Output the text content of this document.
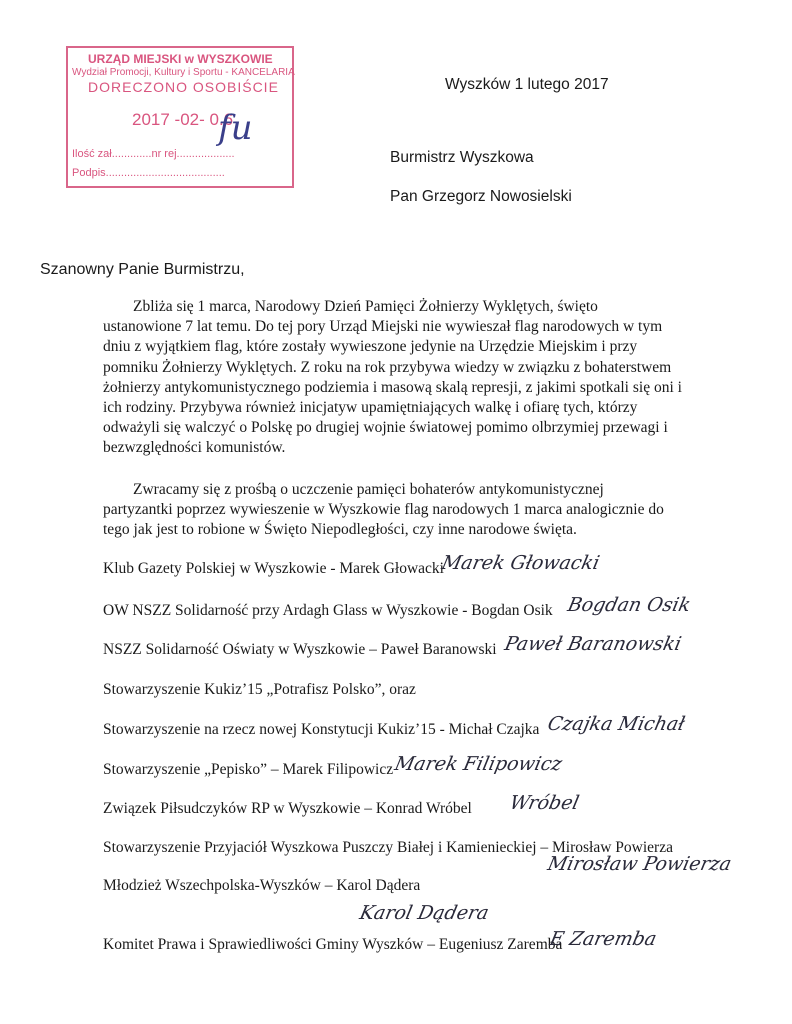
URZĄD MIEJSKI w WYSZKOWIE
Wydział Promocji, Kultury i Sportu - KANCELARIA
DORECZONO OSOBIŚCIE
2017 -02- 0.6
Ilość zał.............nr rej...................
Podpis.......................................
fu
Wyszków 1 lutego 2017
Burmistrz Wyszkowa
Pan Grzegorz Nowosielski
Szanowny Panie Burmistrzu,
Zbliża się 1 marca, Narodowy Dzień Pamięci Żołnierzy Wyklętych, święto
ustanowione 7 lat temu. Do tej pory Urząd Miejski nie wywieszał flag narodowych w tym
dniu z wyjątkiem flag, które zostały wywieszone jedynie na Urzędzie Miejskim i przy
pomniku Żołnierzy Wyklętych. Z roku na rok przybywa wiedzy w związku z bohaterstwem
żołnierzy antykomunistycznego podziemia i masową skalą represji, z jakimi spotkali się oni i
ich rodziny. Przybywa również inicjatyw upamiętniających walkę i ofiarę tych, którzy
odważyli się walczyć o Polskę po drugiej wojnie światowej pomimo olbrzymiej przewagi i
bezwzględności komunistów.
Zwracamy się z prośbą o uczczenie pamięci bohaterów antykomunistycznej
partyzantki poprzez wywieszenie w Wyszkowie flag narodowych 1 marca analogicznie do
tego jak jest to robione w Święto Niepodległości, czy inne narodowe święta.
Klub Gazety Polskiej w Wyszkowie - Marek Głowacki
Marek Głowacki
OW NSZZ Solidarność przy Ardagh Glass w Wyszkowie - Bogdan Osik Bogdan Osik
NSZZ Solidarność Oświaty w Wyszkowie – Paweł Baranowski Paweł Baranowski
Stowarzyszenie Kukiz’15 „Potrafisz Polsko”, oraz
Stowarzyszenie na rzecz nowej Konstytucji Kukiz’15 - Michał Czajka Czajka Michał
Stowarzyszenie „Pepisko” – Marek Filipowicz Marek Filipowicz
Związek Piłsudczyków RP w Wyszkowie – Konrad Wróbel Wróbel
Stowarzyszenie Przyjaciół Wyszkowa Puszczy Białej i Kamienieckiej – Mirosław Powierza
Mirosław Powierza
Młodzież Wszechpolska-Wyszków – Karol Dądera
Karol Dądera
Komitet Prawa i Sprawiedliwości Gminy Wyszków – Eugeniusz Zaremba
E Zaremba
